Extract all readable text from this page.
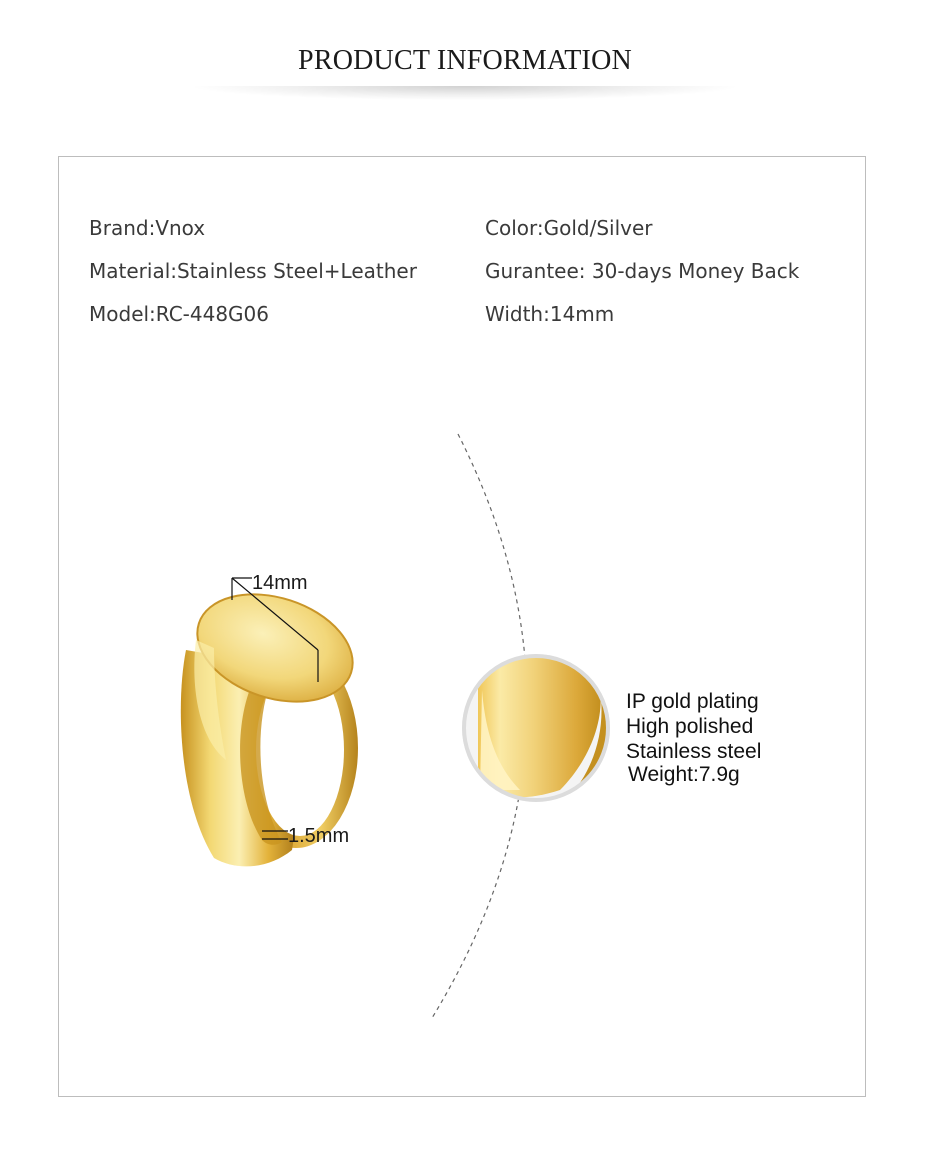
PRODUCT INFORMATION
Brand:Vnox
Material:Stainless Steel+Leather
Model:RC-448G06
Color:Gold/Silver
Gurantee: 30-days Money Back
Width:14mm
14mm
1.5mm
IP gold plating
High polished
Stainless steel
Weight:7.9g
